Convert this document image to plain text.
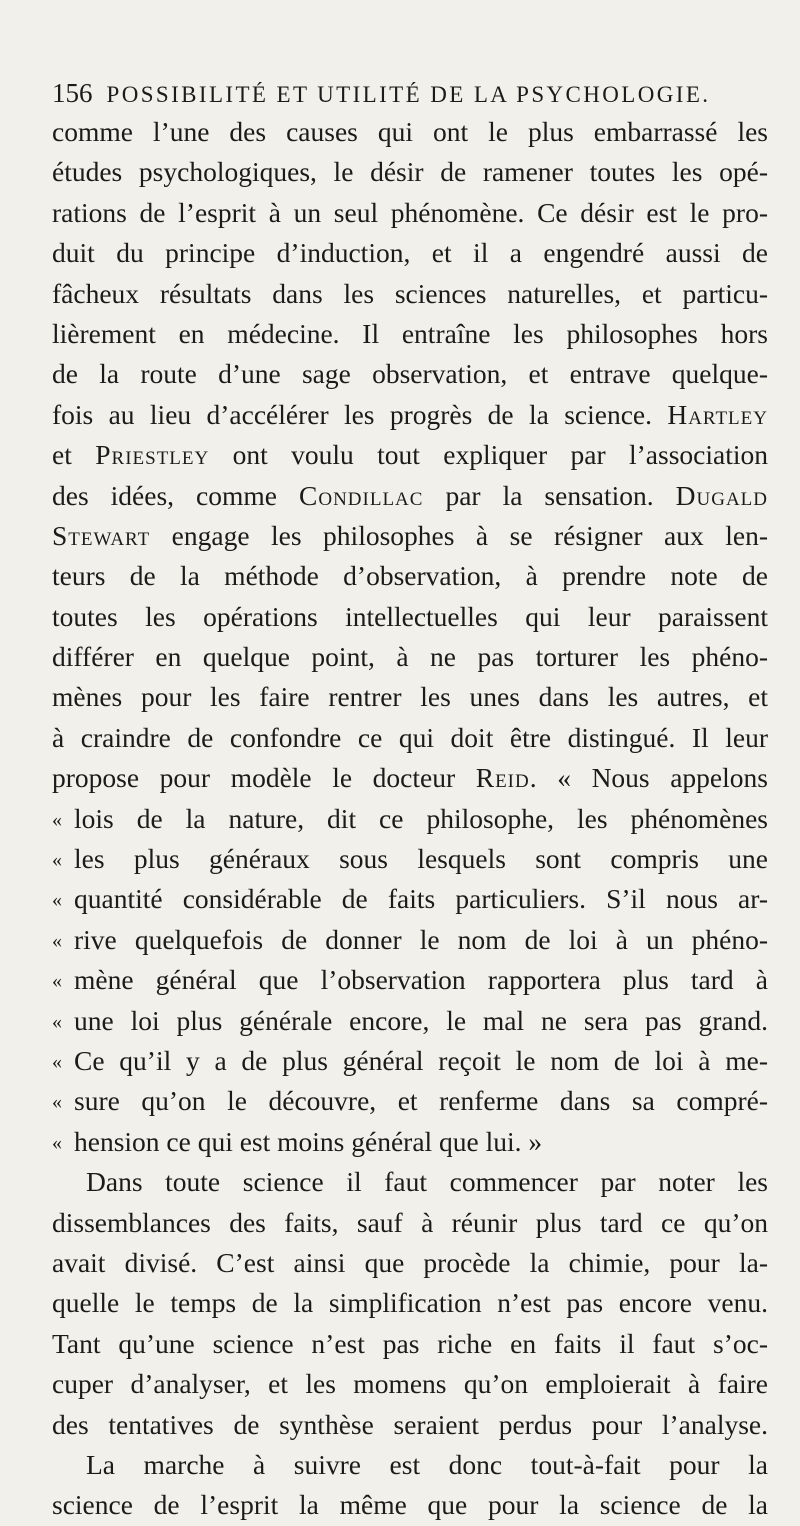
156 POSSIBILITÉ ET UTILITÉ DE LA PSYCHOLOGIE.
comme l’une des causes qui ont le plus embarrassé les
études psychologiques, le désir de ramener toutes les opé-
rations de l’esprit à un seul phénomène. Ce désir est le pro-
duit du principe d’induction, et il a engendré aussi de
fâcheux résultats dans les sciences naturelles, et particu-
lièrement en médecine. Il entraîne les philosophes hors
de la route d’une sage observation, et entrave quelque-
fois au lieu d’accélérer les progrès de la science. Hartley
et Priestley ont voulu tout expliquer par l’association
des idées, comme Condillac par la sensation. Dugald
Stewart engage les philosophes à se résigner aux len-
teurs de la méthode d’observation, à prendre note de
toutes les opérations intellectuelles qui leur paraissent
différer en quelque point, à ne pas torturer les phéno-
mènes pour les faire rentrer les unes dans les autres, et
à craindre de confondre ce qui doit être distingué. Il leur
propose pour modèle le docteur Reid. « Nous appelons
« lois de la nature, dit ce philosophe, les phénomènes
« les plus généraux sous lesquels sont compris une
« quantité considérable de faits particuliers. S’il nous ar-
« rive quelquefois de donner le nom de loi à un phéno-
« mène général que l’observation rapportera plus tard à
« une loi plus générale encore, le mal ne sera pas grand.
« Ce qu’il y a de plus général reçoit le nom de loi à me-
« sure qu’on le découvre, et renferme dans sa compré-
« hension ce qui est moins général que lui. »
Dans toute science il faut commencer par noter les
dissemblances des faits, sauf à réunir plus tard ce qu’on
avait divisé. C’est ainsi que procède la chimie, pour la-
quelle le temps de la simplification n’est pas encore venu.
Tant qu’une science n’est pas riche en faits il faut s’oc-
cuper d’analyser, et les momens qu’on emploierait à faire
des tentatives de synthèse seraient perdus pour l’analyse.
La marche à suivre est donc tout-à-fait pour la
science de l’esprit la même que pour la science de la
